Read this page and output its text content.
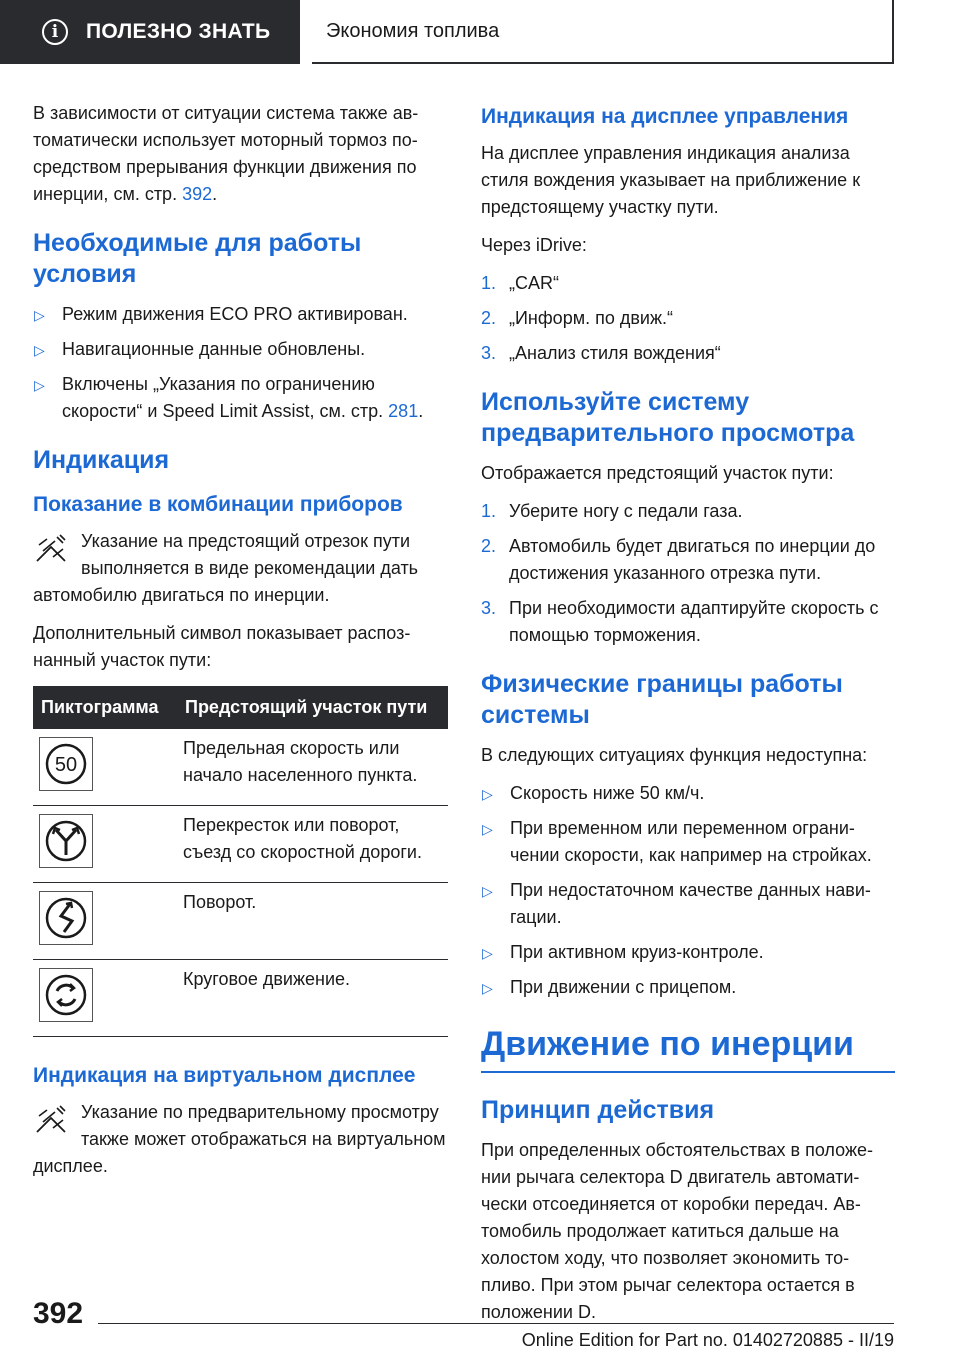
i	ПОЛЕЗНО ЗНАТЬ	Экономия топлива

В зависимости от ситуации система также автоматически использует моторный тормоз посредством прерывания функции движения по инерции, см. стр. 392.

Необходимые для работы условия
▷ Режим движения ECO PRO активирован.
▷ Навигационные данные обновлены.
▷ Включены „Указания по ограничению скорости“ и Speed Limit Assist, см. стр. 281.
Индикация
Показание в комбинации приборов

Указание на предстоящий отрезок пути выполняется в виде рекомендации дать автомобилю двигаться по инерции.

Дополнительный символ показывает распознанный участок пути:

Пиктограмма	Предстоящий участок пути

50	Предельная скорость или начало населенного пункта.

	Перекресток или поворот, съезд со скоростной дороги.

	Поворот.

	Круговое движение.
Индикация на виртуальном дисплее

Указание по предварительному просмотру также может отображаться на виртуальном дисплее.

Индикация на дисплее управления

На дисплее управления индикация анализа стиля вождения указывает на приближение к предстоящему участку пути.

Через iDrive:

1. „CAR“
2. „Информ. по движ.“
3. „Анализ стиля вождения“
Используйте систему предварительного просмотра

Отображается предстоящий участок пути:

1. Уберите ногу с педали газа.
2. Автомобиль будет двигаться по инерции до достижения указанного отрезка пути.
3. При необходимости адаптируйте скорость с помощью торможения.
Физические границы работы системы

В следующих ситуациях функция недоступна:

▷ Скорость ниже 50 км/ч.
▷ При временном или переменном ограничении скорости, как например на стройках.
▷ При недостаточном качестве данных навигации.
▷ При активном круиз-контроле.
▷ При движении с прицепом.
Движение по инерции
Принцип действия

При определенных обстоятельствах в положении рычага селектора D двигатель автоматически отсоединяется от коробки передач. Автомобиль продолжает катиться дальше на холостом ходу, что позволяет экономить топливо. При этом рычаг селектора остается в положении D.

392
Online Edition for Part no. 01402720885 - II/19
